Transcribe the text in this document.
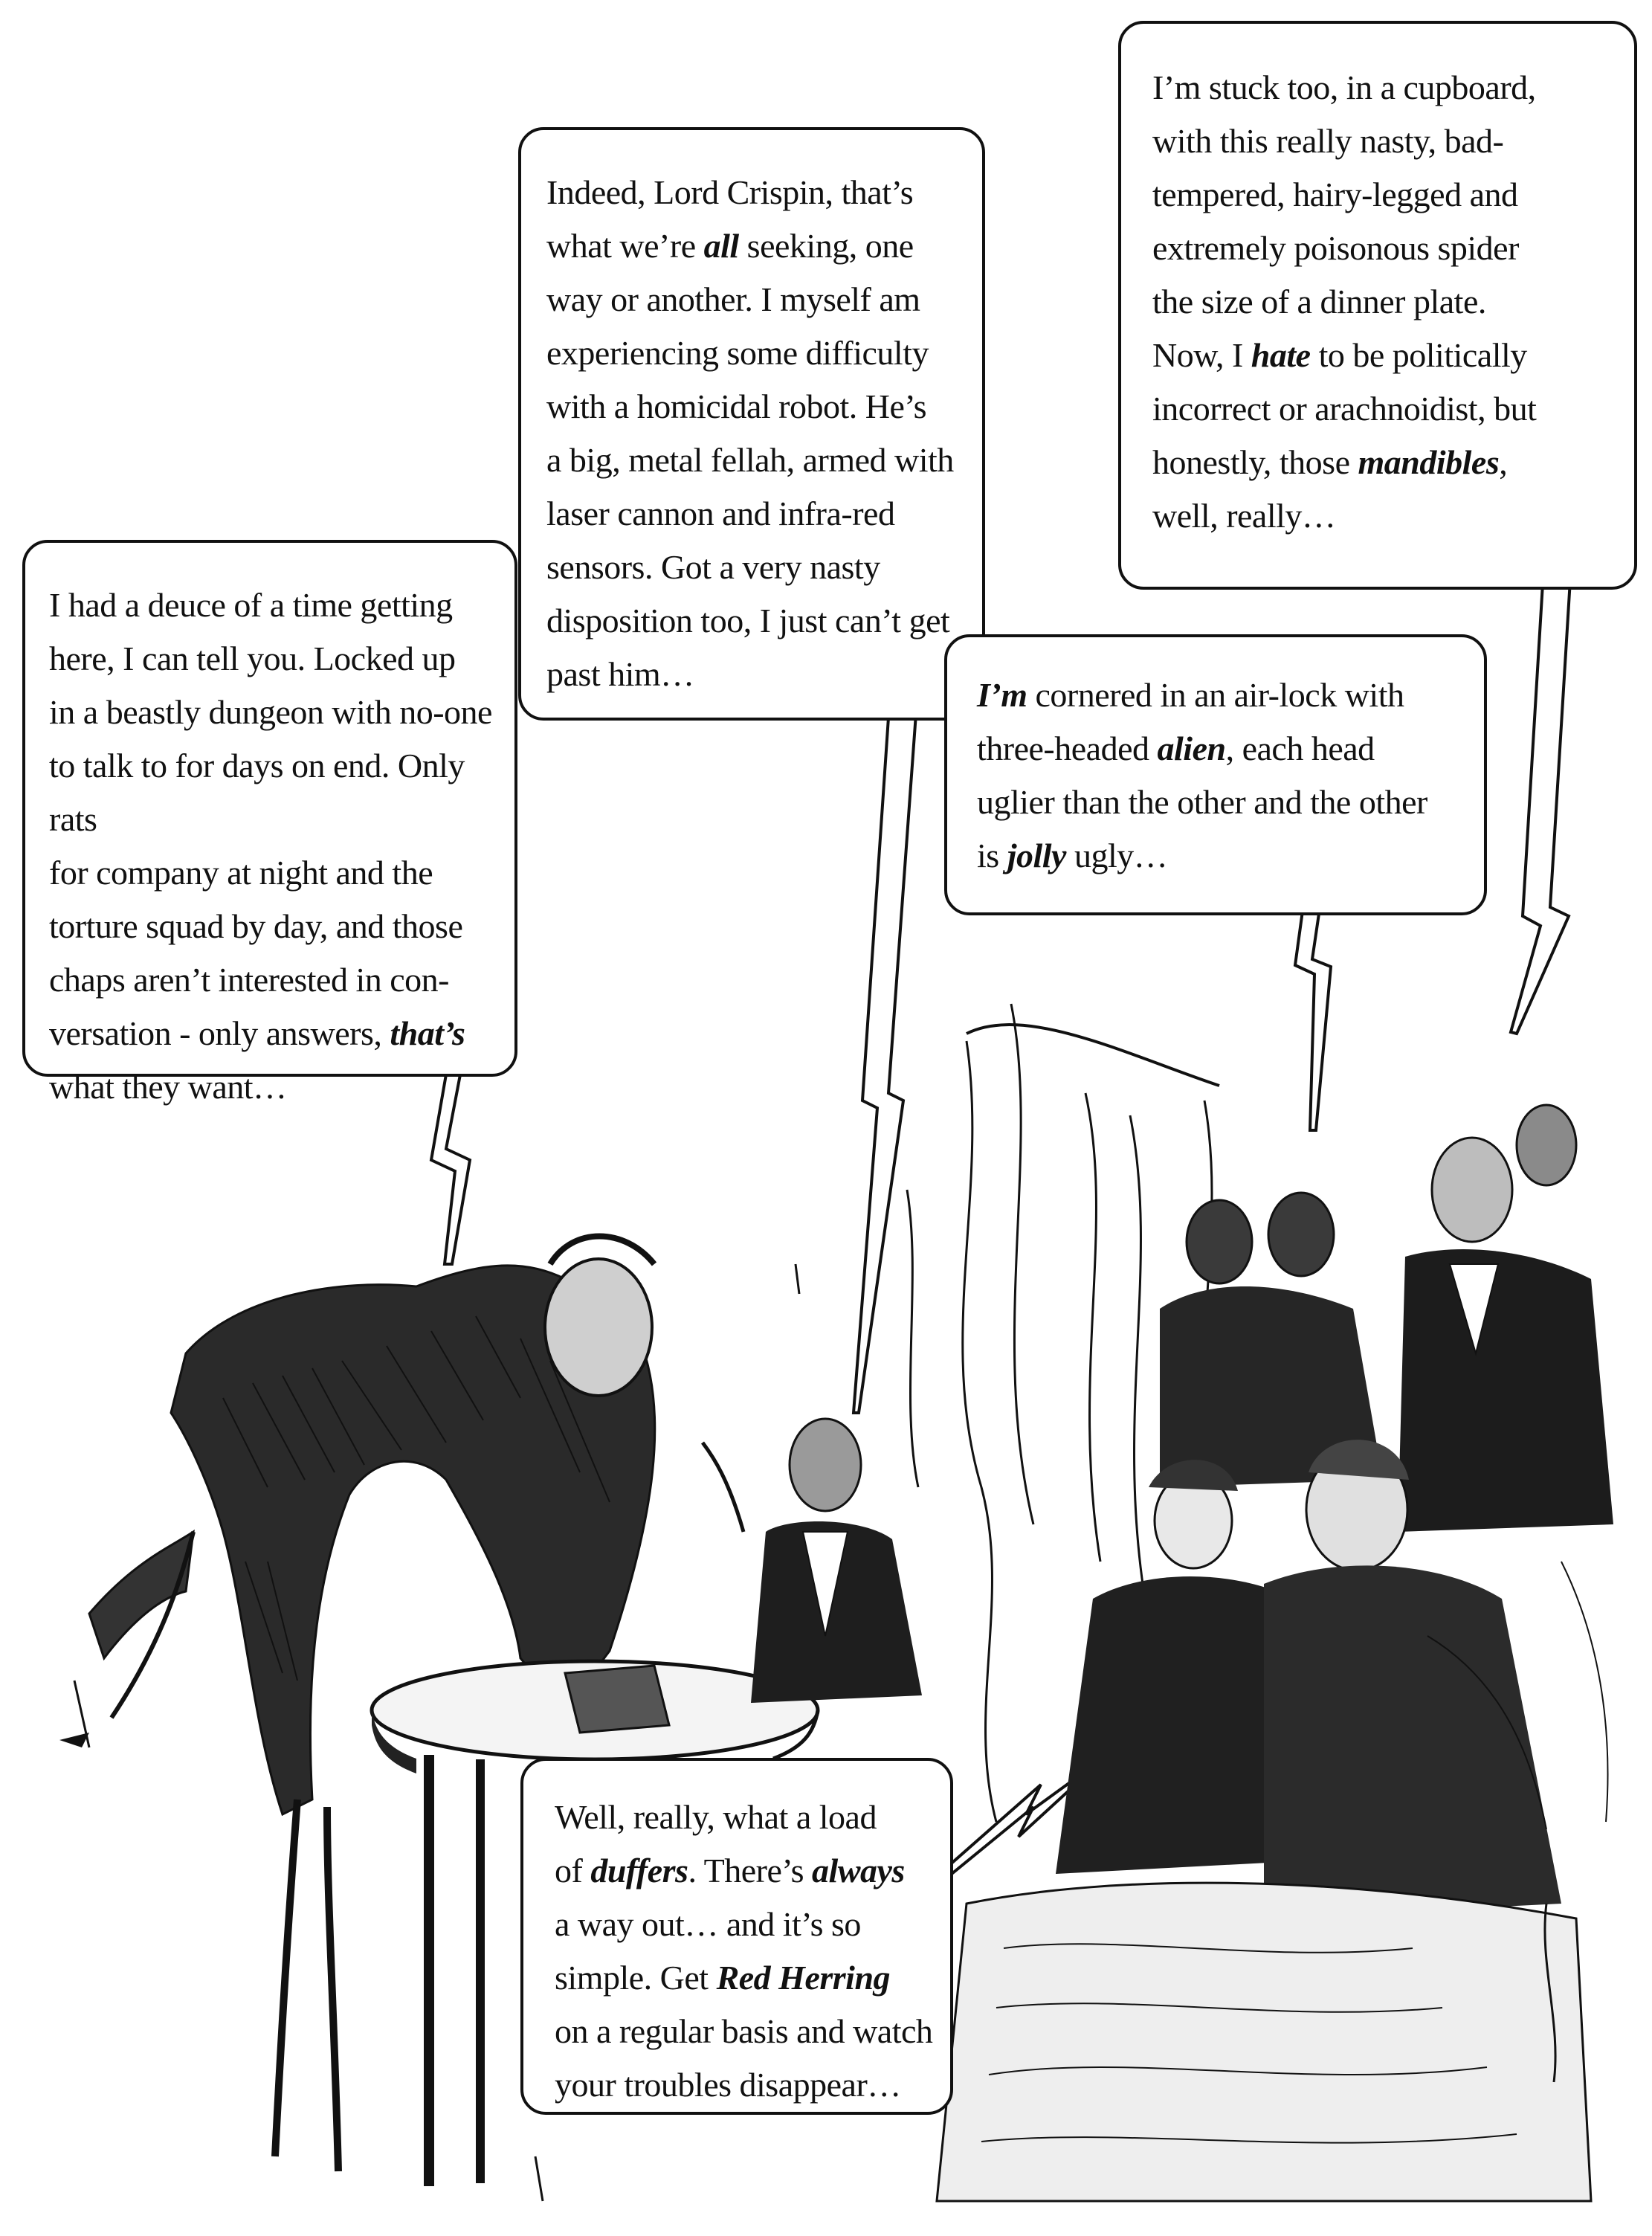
I had a deuce of a time getting
here, I can tell you. Locked up
in a beastly dungeon with no-one
to talk to for days on end. Only rats
for company at night and the
torture squad by day, and those
chaps aren’t interested in con-
versation - only answers, that’s
what they want…

Indeed, Lord Crispin, that’s
what we’re all seeking, one
way or another. I myself am
experiencing some difficulty
with a homicidal robot. He’s
a big, metal fellah, armed with
laser cannon and infra-red
sensors. Got a very nasty
disposition too, I just can’t get
past him…

I’m stuck too, in a cupboard,
with this really nasty, bad-
tempered, hairy-legged and
extremely poisonous spider
the size of a dinner plate.
Now, I hate to be politically
incorrect or arachnoidist, but
honestly, those mandibles,
well, really…

I’m cornered in an air-lock with
three-headed alien, each head
uglier than the other and the other
is jolly ugly…

Well, really, what a load
of duffers. There’s always
a way out… and it’s so
simple. Get Red Herring
on a regular basis and watch
your troubles disappear…
